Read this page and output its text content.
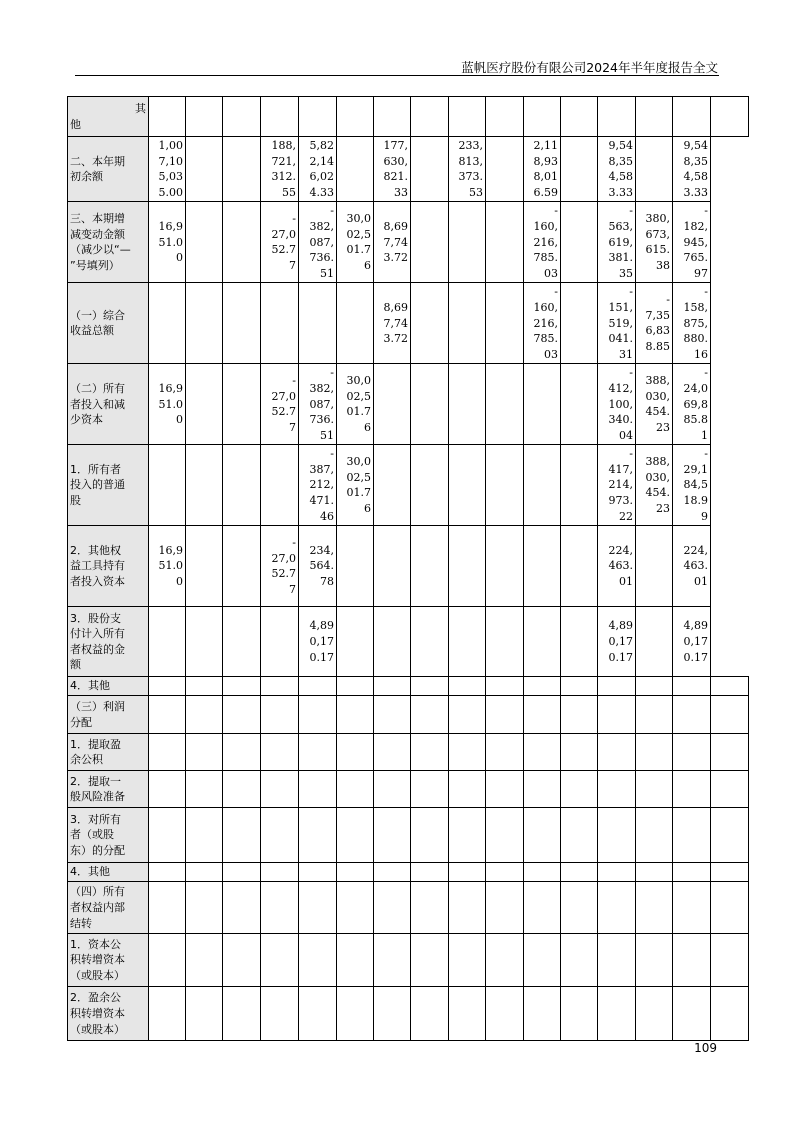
蓝帆医疗股份有限公司2024年半年度报告全文
其
他																

二、本年期
初余额	1,00
7,10
5,03
5.00			188,
721,
312.
55	5,82
2,14
6,02
4.33		177,
630,
821.
33		233,
813,
373.
53		2,11
8,93
8,01
6.59		9,54
8,35
4,58
3.33		9,54
8,35
4,58
3.33	

三、本期增
减变动金额
（减少以“—
”号填列）	16,9
51.0
0			-
27,0
52.7
7	-
382,
087,
736.
51	30,0
02,5
01.7
6	8,69
7,74
3.72				-
160,
216,
785.
03		-
563,
619,
381.
35	380,
673,
615.
38	-
182,
945,
765.
97	

（一）综合
收益总额							8,69
7,74
3.72				-
160,
216,
785.
03		-
151,
519,
041.
31	-
7,35
6,83
8.85	-
158,
875,
880.
16	

（二）所有
者投入和减
少资本	16,9
51.0
0			-
27,0
52.7
7	-
382,
087,
736.
51	30,0
02,5
01.7
6							-
412,
100,
340.
04	388,
030,
454.
23	-
24,0
69,8
85.8
1	

1．所有者
投入的普通
股					-
387,
212,
471.
46	30,0
02,5
01.7
6							-
417,
214,
973.
22	388,
030,
454.
23	-
29,1
84,5
18.9
9	

2．其他权
益工具持有
者投入资本	16,9
51.0
0			-
27,0
52.7
7	234,
564.
78								224,
463.
01		224,
463.
01	

3．股份支
付计入所有
者权益的金
额					4,89
0,17
0.17								4,89
0,17
0.17		4,89
0,17
0.17	

4．其他																

（三）利润
分配																

1．提取盈
余公积																

2．提取一
般风险准备																

3．对所有
者（或股
东）的分配																

4．其他																

（四）所有
者权益内部
结转																

1．资本公
积转增资本
（或股本）																

2．盈余公
积转增资本
（或股本）																

109
